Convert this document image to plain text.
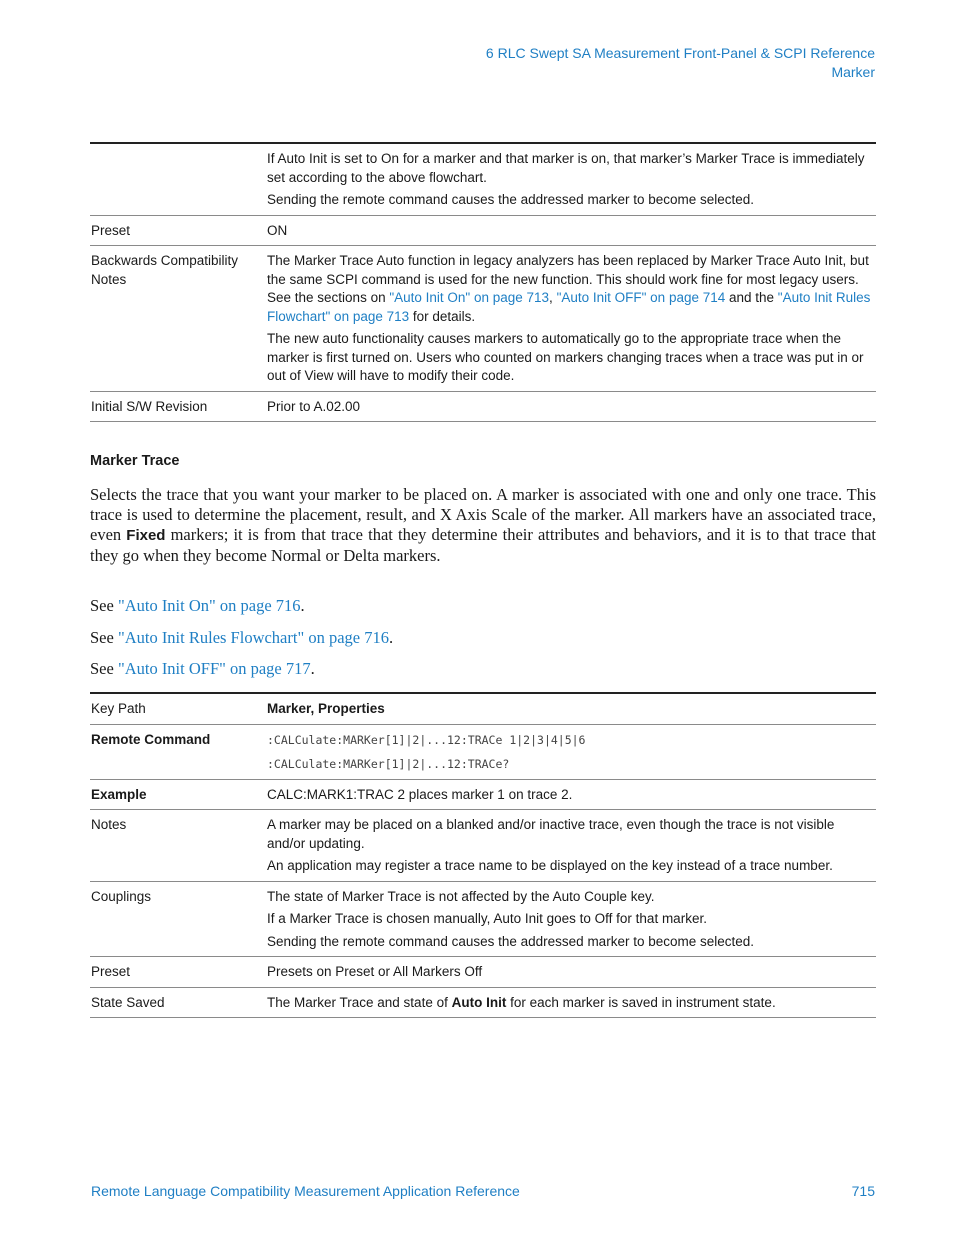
6 RLC Swept SA Measurement Front-Panel & SCPI Reference
Marker

	If Auto Init is set to On for a marker and that marker is on, that marker’s Marker Trace is immediately set according to the above flowchart.

Sending the remote command causes the addressed marker to become selected.

Preset	ON
Backwards Compatibility Notes	The Marker Trace Auto function in legacy analyzers has been replaced by Marker Trace Auto Init, but the same SCPI command is used for the new function. This should work fine for most legacy users. See the sections on "Auto Init On" on page 713, "Auto Init OFF" on page 714 and the "Auto Init Rules Flowchart" on page 713 for details.

The new auto functionality causes markers to automatically go to the appropriate trace when the marker is first turned on. Users who counted on markers changing traces when a trace was put in or out of View will have to modify their code.

Initial S/W Revision	Prior to A.02.00
Marker Trace
Selects the trace that you want your marker to be placed on. A marker is associated with one and only one trace. This trace is used to determine the placement, result, and X Axis Scale of the marker. All markers have an associated trace, even Fixed markers; it is from that trace that they determine their attributes and behaviors, and it is to that trace that they go when they become Normal or Delta markers.
See "Auto Init On" on page 716.
See "Auto Init Rules Flowchart" on page 716.
See "Auto Init OFF" on page 717.
Key Path	Marker, Properties
Remote Command	:CALCulate:MARKer[1]|2|...12:TRACe 1|2|3|4|5|6

:CALCulate:MARKer[1]|2|...12:TRACe?

Example	CALC:MARK1:TRAC 2 places marker 1 on trace 2.
Notes	A marker may be placed on a blanked and/or inactive trace, even though the trace is not visible and/or updating.

An application may register a trace name to be displayed on the key instead of a trace number.

Couplings	The state of Marker Trace is not affected by the Auto Couple key.

If a Marker Trace is chosen manually, Auto Init goes to Off for that marker.

Sending the remote command causes the addressed marker to become selected.

Preset	Presets on Preset or All Markers Off
State Saved	The Marker Trace and state of Auto Init for each marker is saved in instrument state.
Remote Language Compatibility Measurement Application Reference	715
